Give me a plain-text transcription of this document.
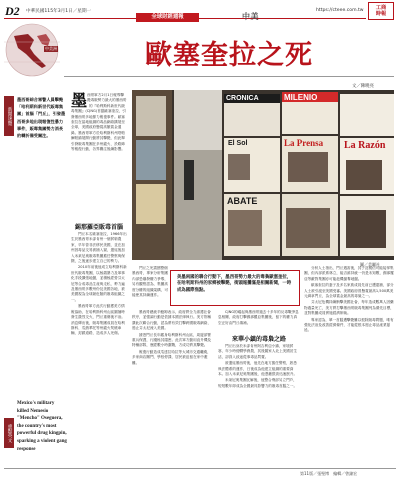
D2 中華民國115年3月1日／星期一	https://cteee.com.tw	工商時報
全球財經週報	中美
中美洲	歐塞奎拉之死
文／陳曉亮
新聞速覽
墨西哥綜合軍警人員擊斃「哈利斯科新世代販毒集團」首腦「門丘」，引發墨西哥多地出現報復性暴力事件，販毒集團勢力消長的轉折備受關注。
重點英文
Mexico's military killed Nemesio "Mencho" Oseguera, the country's most powerful drug kingpin, sparking a violent gang response
墨 西哥軍方2月1日報導擊斃毒販勢力最大的墨西哥
—『門丘』的『哈利斯科新世代販毒集團』(CJNG)首腦歐塞奎拉，引發墨西哥多地暴力報復事件。歐塞奎拉在當地組織的毒品網絡擴展至全球，美國政府懸賞高額賞金通緝。墨西哥軍方於哈利斯科州塔帕爾帕鎮展開行動將其擊斃，但此舉引發販毒集團在多州縱火、設路障等報復行動，各界關注後續影響。
錫那羅亞販毒首腦

門丘本名歐塞奎拉，1966年出生於墨西哥米卻肯州一個貧窮農家，早年曾非法移民美國，並在加州因毒品交易被捕入獄，遣返後加入米萊尼奧販毒集團擔任警察與保鏢，之後逐步建立自己的勢力。

2010年前後他成立哈利斯科新世代販毒集團，以極端暴力及軍事化手段擴張地盤，並積極經營芬太尼等合成毒品生產與走私，勢力遍及墨西哥多數州份及美國各地，被美國視為全球最危險的販毒組織之一。

墨西哥軍方此次行動獲美方情報協助，在哈利斯科州山區圍捕時發生激烈交火，門丘重傷後不治。消息傳出後，販毒集團成員在哈利斯科、瓜納華托等州縱火焚燒車輛、封鎖道路，造成多人死傷。

CRONICA	MILENIO
La Prensa La Razón
ABATE
El Sol
圖／美聯社
美墨兩國的聯合行動下，墨西哥勢力最大的毒梟歐塞奎拉，在哈利斯科州的家鄉被擊斃，街頭報攤滿是相關新聞，一時成為國際焦點。

門丘之死震撼整個墨西哥，專家分析集團內部恐爆發權力爭奪，另有觀察認為，集團高度分權的組織架構，可能使其持續運作。

墨西哥總統辛鮑姆表示，政府將全力維護社會秩序，並強調行動是依據本國法律執行。美方則稱讚此次聯合行動，認為將有效打擊跨國販毒網絡，遏止芬太尼流入美國。

據悉門丘長年藏身哈利斯科州山區，周邊部署重兵保護，行蹤極其隱密。此次軍方動用直升機及特種部隊，歷經數小時激戰，方成功將其擊斃。

報復行動造成瓜達拉哈拉等大城市交通癱瘓，多家商店關門，學校停課，居民被迫留在家中避難。

CJNG的崛起與墨西哥過去十多年的反毒戰爭息息相關，政府打擊錫那羅亞集團後，留下的權力真空正好由門丘填補。

來華小鎮的毒梟之路

門丘出身於米卻肯州阿吉利亞小鎮，家境貧寒，年少時便輟學務農，其後隨家人北上美國討生活，卻誤入歧途從事毒品買賣。

被遣返墨西哥後，他先在地方擔任警察，熟悉執法體系的運作，日後成為他建立組織的重要資本。加入米萊尼奧集團後，他憑藉狠勁迅速竄升。

米萊尼奧集團瓦解後，他整合殘部另立門戶，短短數年即成為全國最具影響力的販毒首腦之一。

分析人士指出，門丘遇害後，其子及親信可能接掌集團，但內部派系林立，能否維持統一仍是未知數，錫那羅亞等敵對集團亦可能趁機搶奪地盤。

歐塞奎拉的妻子及多名家族成員先前已遭逮捕，部分人士被引渡至美國受審。美國政府曾懸賞最高1,500萬美元緝拿門丘，為全球賞金最高的毒梟之一。

芬太尼危機持續衝擊美國社會，每年造成數萬人因藥物過量死亡，美方將打擊墨西哥販毒集團列為優先目標，並對集團成員實施經濟制裁。

專家認為，單一首腦遭擊斃難以根除販毒問題，唯有強化法治及改善經濟條件，才能從根本遏止毒品產業蔓延。

第11版／張聖博　編輯／曾錦宏
